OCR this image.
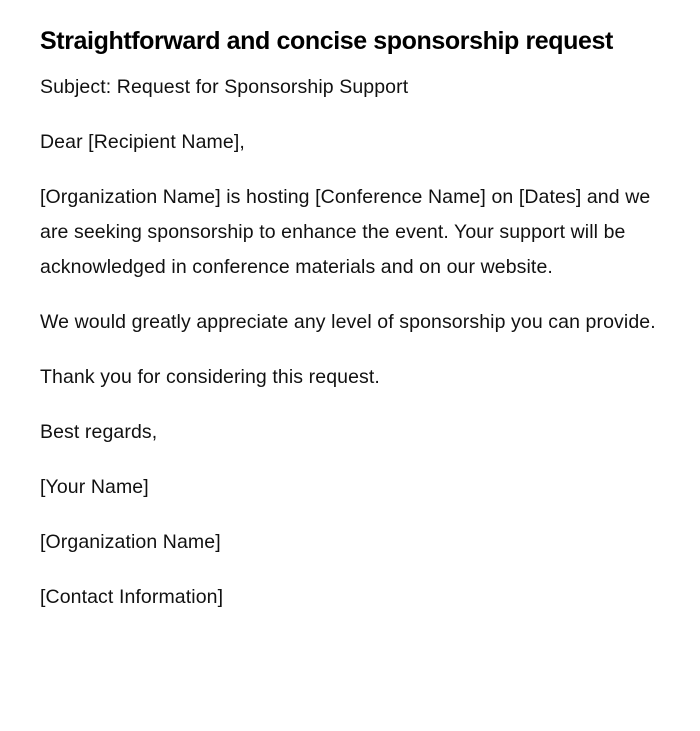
Straightforward and concise sponsorship request

Subject: Request for Sponsorship Support

Dear [Recipient Name],

[Organization Name] is hosting [Conference Name] on [Dates] and we are seeking sponsorship to enhance the event. Your support will be acknowledged in conference materials and on our website.

We would greatly appreciate any level of sponsorship you can provide.

Thank you for considering this request.

Best regards,

[Your Name]

[Organization Name]

[Contact Information]
